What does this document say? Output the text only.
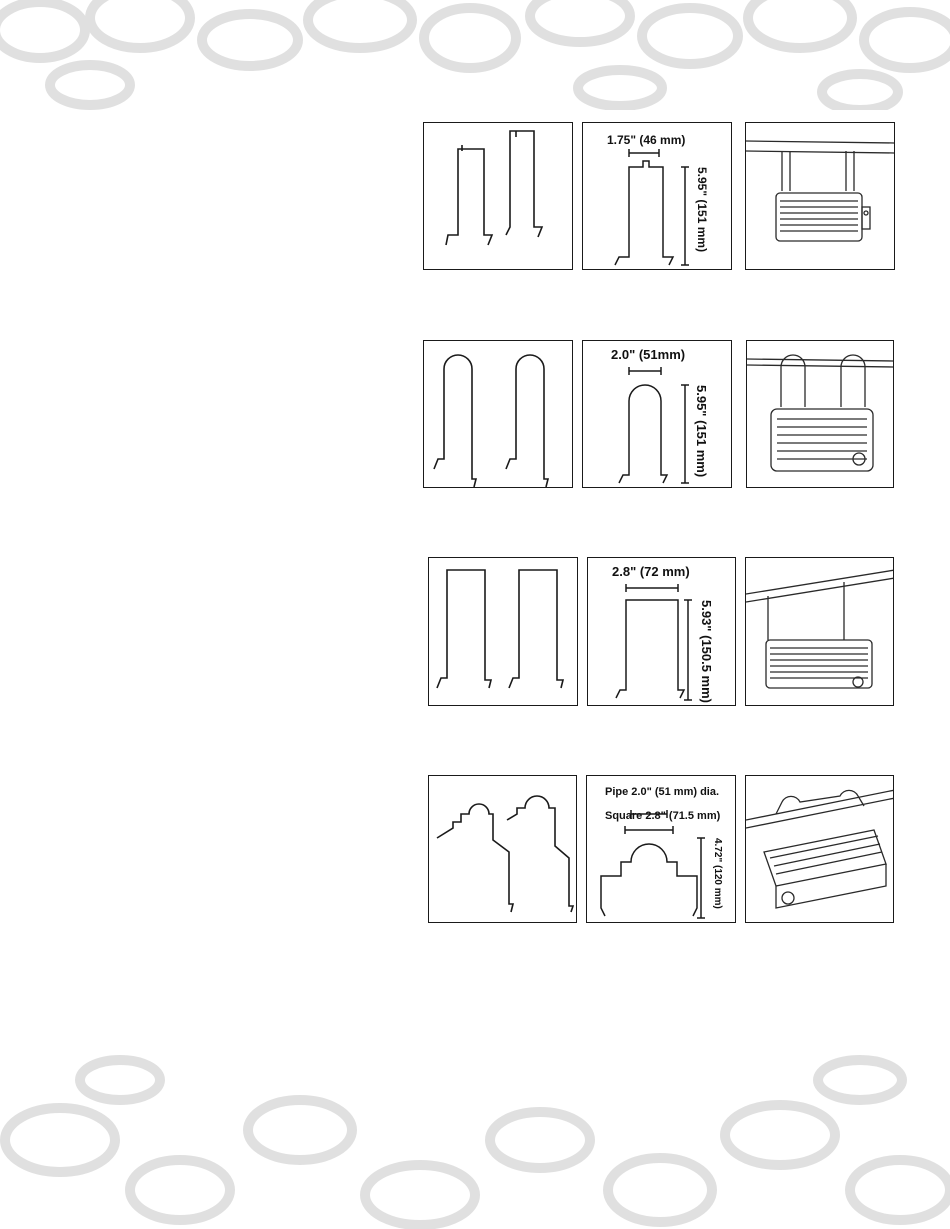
1.75" (46 mm)
5.95" (151 mm)
2.0" (51mm)
5.95" (151 mm)
2.8" (72 mm)
5.93" (150.5 mm)
Pipe 2.0" (51 mm) dia.
Square 2.8" (71.5 mm)
4.72" (120 mm)
